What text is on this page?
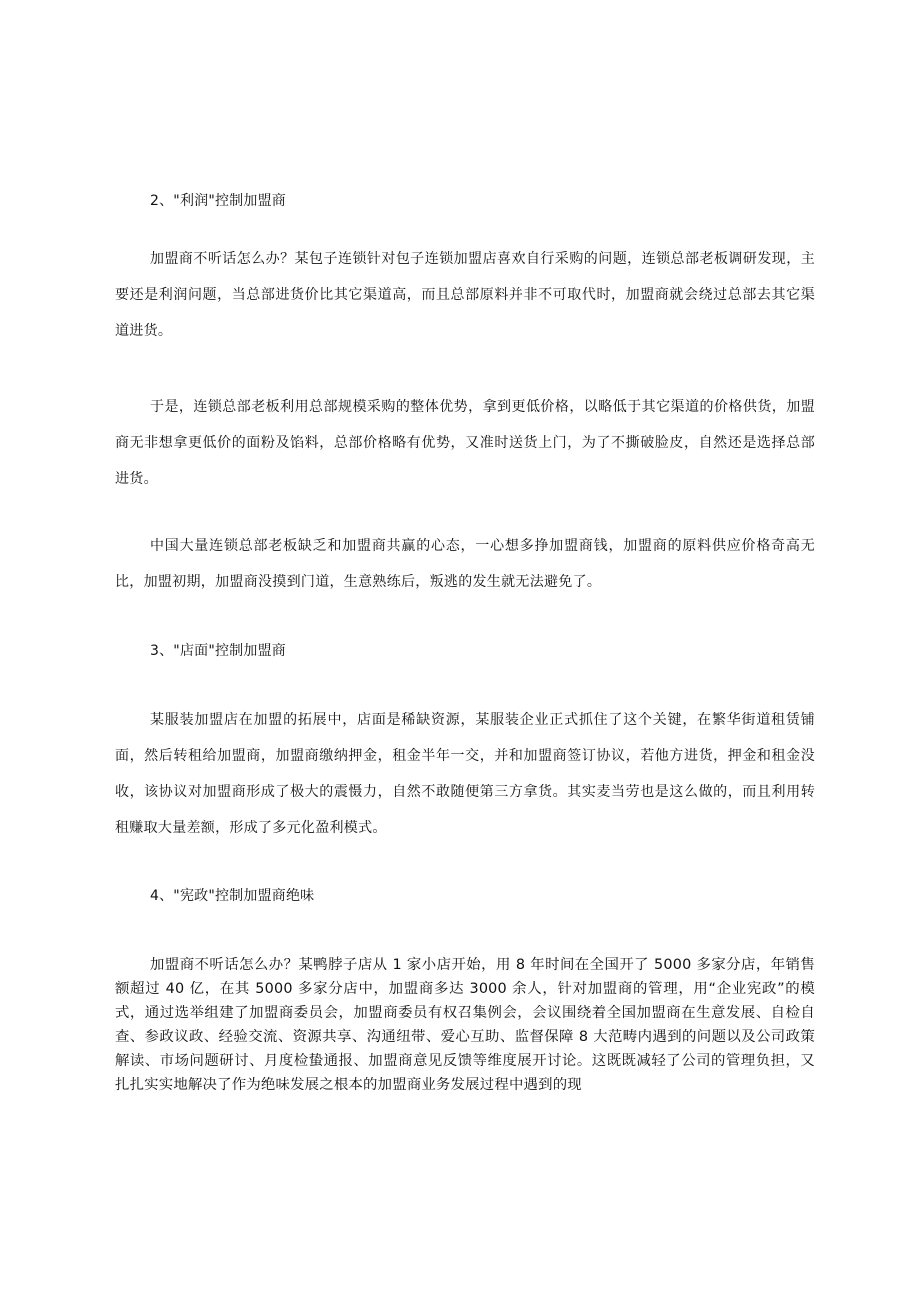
2、"利润"控制加盟商

加盟商不听话怎么办？某包子连锁针对包子连锁加盟店喜欢自行采购的问题，连锁总部老板调研发现，主要还是利润问题，当总部进货价比其它渠道高，而且总部原料并非不可取代时，加盟商就会绕过总部去其它渠道进货。

于是，连锁总部老板利用总部规模采购的整体优势，拿到更低价格，以略低于其它渠道的价格供货，加盟商无非想拿更低价的面粉及馅料，总部价格略有优势，又准时送货上门，为了不撕破脸皮，自然还是选择总部进货。

中国大量连锁总部老板缺乏和加盟商共赢的心态，一心想多挣加盟商钱，加盟商的原料供应价格奇高无比，加盟初期，加盟商没摸到门道，生意熟练后，叛逃的发生就无法避免了。

3、"店面"控制加盟商

某服装加盟店在加盟的拓展中，店面是稀缺资源，某服装企业正式抓住了这个关键，在繁华街道租赁铺面，然后转租给加盟商，加盟商缴纳押金，租金半年一交，并和加盟商签订协议，若他方进货，押金和租金没收，该协议对加盟商形成了极大的震慑力，自然不敢随便第三方拿货。其实麦当劳也是这么做的，而且利用转租赚取大量差额，形成了多元化盈利模式。

4、"宪政"控制加盟商绝味

加盟商不听话怎么办？某鸭脖子店从 1 家小店开始，用 8 年时间在全国开了 5000 多家分店，年销售额超过 40 亿，在其 5000 多家分店中，加盟商多达 3000 余人，针对加盟商的管理，用“企业宪政”的模式，通过选举组建了加盟商委员会，加盟商委员有权召集例会，会议围绕着全国加盟商在生意发展、自检自查、参政议政、经验交流、资源共享、沟通纽带、爱心互助、监督保障 8 大范畴内遇到的问题以及公司政策解读、市场问题研讨、月度检蛰通报、加盟商意见反馈等维度展开讨论。这既既减轻了公司的管理负担，又扎扎实实地解决了作为绝味发展之根本的加盟商业务发展过程中遇到的现
